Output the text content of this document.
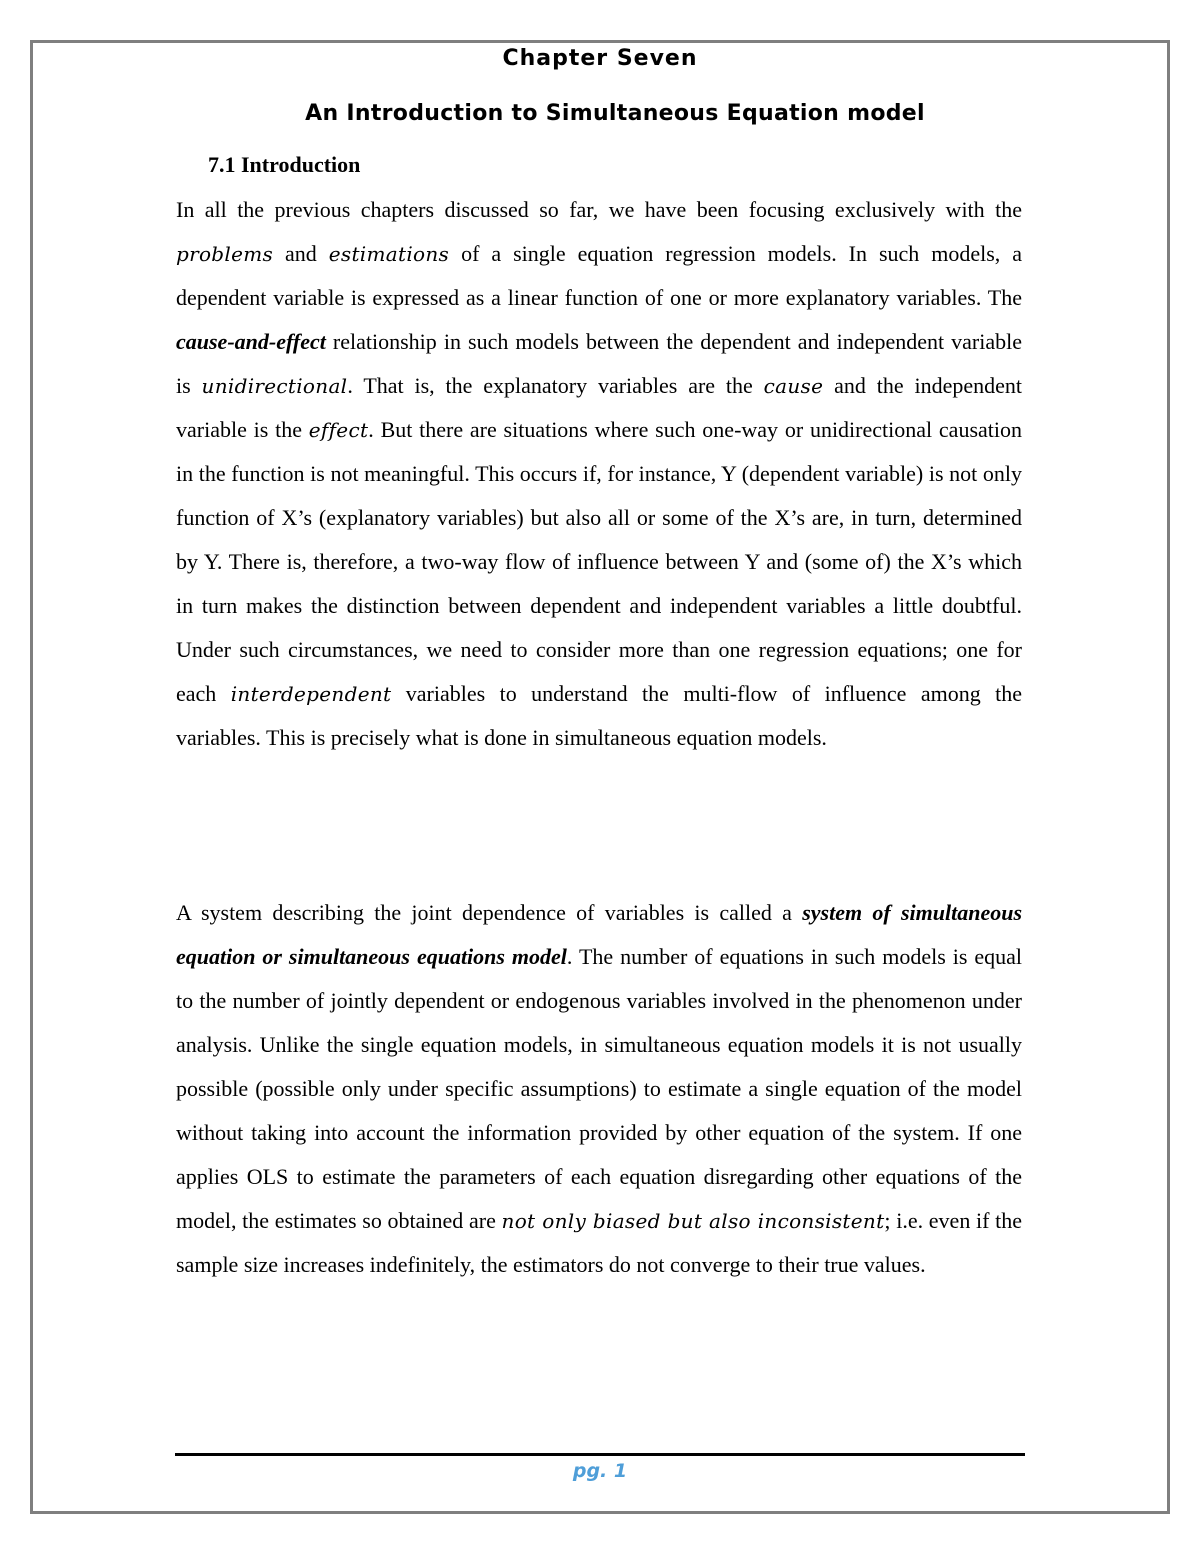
Chapter Seven
An Introduction to Simultaneous Equation model
7.1 Introduction

In all the previous chapters discussed so far, we have been focusing exclusively with the problems and estimations of a single equation regression models. In such models, a dependent variable is expressed as a linear function of one or more explanatory variables. The cause-and-effect relationship in such models between the dependent and independent variable is unidirectional. That is, the explanatory variables are the cause and the independent variable is the effect. But there are situations where such one-way or unidirectional causation in the function is not meaningful. This occurs if, for instance, Y (dependent variable) is not only function of X’s (explanatory variables) but also all or some of the X’s are, in turn, determined by Y. There is, therefore, a two-way flow of influence between Y and (some of) the X’s which in turn makes the distinction between dependent and independent variables a little doubtful. Under such circumstances, we need to consider more than one regression equations; one for each interdependent variables to understand the multi-flow of influence among the variables. This is precisely what is done in simultaneous equation models.

A system describing the joint dependence of variables is called a system of simultaneous equation or simultaneous equations model. The number of equations in such models is equal to the number of jointly dependent or endogenous variables involved in the phenomenon under analysis. Unlike the single equation models, in simultaneous equation models it is not usually possible (possible only under specific assumptions) to estimate a single equation of the model without taking into account the information provided by other equation of the system. If one applies OLS to estimate the parameters of each equation disregarding other equations of the model, the estimates so obtained are not only biased but also inconsistent; i.e. even if the sample size increases indefinitely, the estimators do not converge to their true values.

pg. 1
